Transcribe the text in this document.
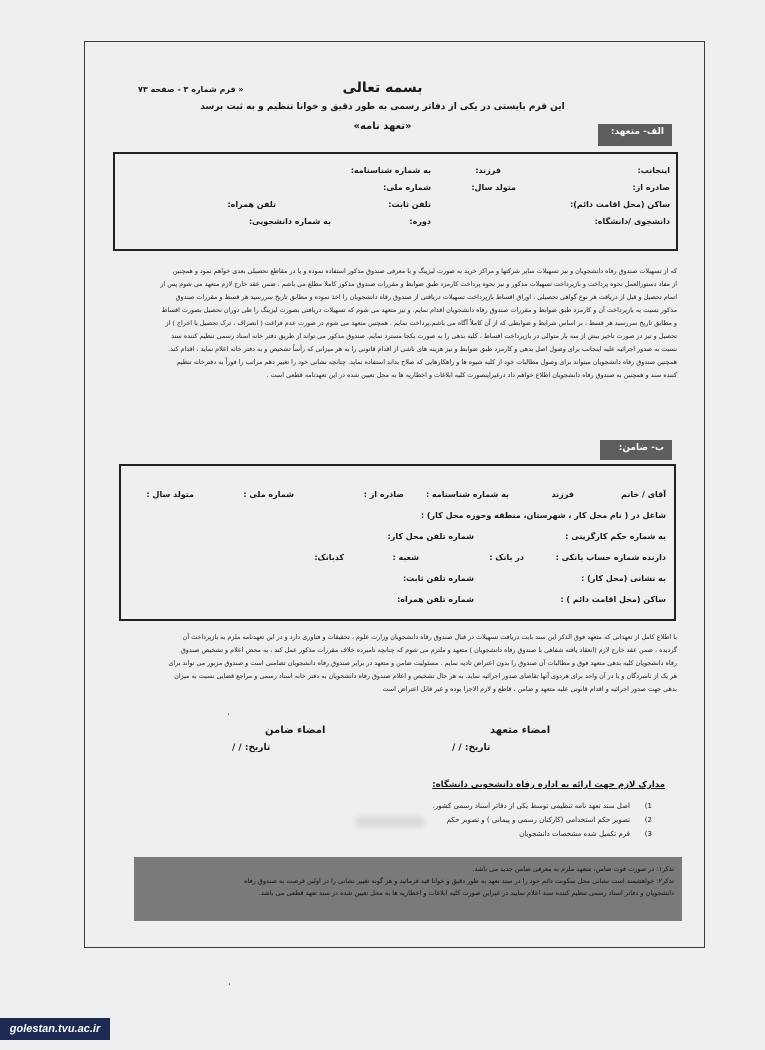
بسمه تعالی
« فرم شماره ۳ - صفحه ۷۳
این فرم بایستی در یکی از دفاتر رسمی به طور دقیق و خوانا تنظیم و به ثبت برسد
«تعهد نامه»	الف- متعهد:
اینجانب:
فرزند:
به شماره شناسنامه:
صادره از:
متولد سال:
شماره ملی:
ساکن (محل اقامت دائم):
تلفن ثابت:
تلفن همراه:
دانشجوی /دانشگاه:
دوره:
به شماره دانشجویی:
که از تسهیلات صندوق رفاه دانشجویان و نیز تسهیلات سایر شرکتها و مراکز خرید به صورت لیزینگ و با معرفی صندوق مذکور استفاده نموده و یا در مقاطع تحصیلی بعدی خواهم نمود و همچنین
از مفاد دستورالعمل نحوه پرداخت و بازپرداخت تسهیلات مذکور و نیز نحوه پرداخت کارمزد طبق ضوابط و مقررات صندوق مذکور کاملا مطلع می باشم . ضمن عقد خارج لازم متعهد می شوم پس از
اتمام تحصیل و قبل از دریافت هر نوع گواهی تحصیلی ، اوراق اقساط بازپرداخت تسهیلات دریافتی از صندوق رفاه دانشجویان را اخذ نموده و مطابق تاریخ سررسید هر قسط و مقررات صندوق
مذکور نسبت به بازپرداخت آن و کارمزد طبق ضوابط و مقررات صندوق رفاه دانشجویان اقدام نمایم. و نیز متعهد می شوم که تسهیلات دریافتی بصورت لیزینگ را طی دوران تحصیل بصورت اقساط
و مطابق تاریخ سررسید هر قسط ، بر اساس شرایط و ضوابطی که از آن کاملاً آگاه می باشم،پرداخت نمایم . همچنین متعهد می شوم در صورت عدم فراغت ( انصراف ، ترک تحصیل یا اخراج ) از
تحصیل و نیز در صورت تاخیر بیش از سه بار متوالی در بازپرداخت اقساط ، کلیه بدهی را به صورت یکجا مسترد نمایم. صندوق مذکور می تواند از طریق دفتر خانه اسناد رسمی تنظیم کننده سند
نسبت به صدور اجرائیه علیه اینجانب برای وصول اصل بدهی و کارمزد طبق ضوابط و نیز هزینه های ناشی از اقدام قانونی را به هر میزانی که رأساً تشخیص و به دفتر خانه اعلام نماید ، اقدام کند.
همچنین صندوق رفاه دانشجویان میتواند برای وصول مطالبات خود از کلیه شیوه ها و راهکارهایی که صلاح بداند استفاده نماید. چنانچه نشانی خود را تغییر دهم مراتب را فوراً به دفترخانه تنظیم
کننده سند و همچنین به صندوق رفاه دانشجویان اطلاع خواهم داد درغیراینصورت کلیه ابلاغات و اخطاریه ها به محل تعیین شده در این تعهدنامه قطعی است .
ب- ضامن:
آقای / خانم
فرزند
به شماره شناسنامه :
صادره از :
شماره ملی :
متولد سال :
شاغل در ( نام محل کار ، شهرستان، منطقه وحوزه محل کار) :
به شماره حکم کارگزینی :
شماره تلفن محل کار:
دارنده شماره حساب بانکی :
در بانک :
شعبه :
کدبانک:
به نشانی (محل کار) :
شماره تلفن ثابت:
ساکن (محل اقامت دائم ) :
شماره تلفن همراه:
با اطلاع کامل از تعهداتی که متعهد فوق الذکر این سند بابت دریافت تسهیلات در قبال صندوق رفاه دانشجویان وزارت علوم ، تحقیقات و فناوری دارد و در این تعهدنامه ملزم به بازپرداخت آن
گردیده ، ضمن عقد خارج لازم (انعقاد یافته شفاهی با صندوق رفاه دانشجویان ) متعهد و ملتزم می شوم که چنانچه نامبرده خلاف مقررات مذکور عمل کند ، به محض اعلام و تشخیص صندوق
رفاه دانشجویان کلیه بدهی متعهد فوق و مطالبات آن صندوق را بدون اعتراض تادیه نمایم . مسئولیت ضامن و متعهد در برابر صندوق رفاه دانشجویان تضامنی است و صندوق مزبور می تواند برای
هر یک از نامبردگان و یا در آن واحد برای هردوی آنها تقاضای صدور اجرائیه نماید. به هر حال تشخیص و اعلام صندوق رفاه دانشجویان به دفتر خانه اسناد رسمی و مراجع قضایی نسبت به میزان
بدهی جهت صدور اجرائیه و اقدام قانونی علیه متعهد و ضامن ، قاطع و لازم الاجرا بوده و غیر قابل اعتراض است
،
امضاء ضامن
تاریخ: / /
امضاء متعهد
تاریخ: / /
مدارک لازم جهت ارائه به اداره رفاه دانشجویی دانشگاه:
1)
اصل سند تعهد نامه تنظیمی توسط یکی از دفاتر اسناد رسمی کشور.
2)
تصویر حکم استخدامی (کارکنان رسمی و پیمانی ) و تصویر حکم
3)
فرم تکمیل شده مشخصات دانشجویان
تذکر۱: در صورت فوت ضامن، متعهد ملزم به معرفی ضامن جدید می باشد.
تذکر۲: خواهشمند است نشانی محل سکونت دائم خود را در سند تعهد به طور دقیق و خوانا قید فرمائید و هر گونه تغییر نشانی را در اولین فرصت به صندوق رفاه
دانشجویان و دفاتر اسناد رسمی تنظیم کننده سند اعلام نمایید در غیراین صورت کلیه ابلاغات و اخطاریه ها به محل تعیین شده در سند تعهد قطعی می باشد.
،
golestan.tvu.ac.ir
